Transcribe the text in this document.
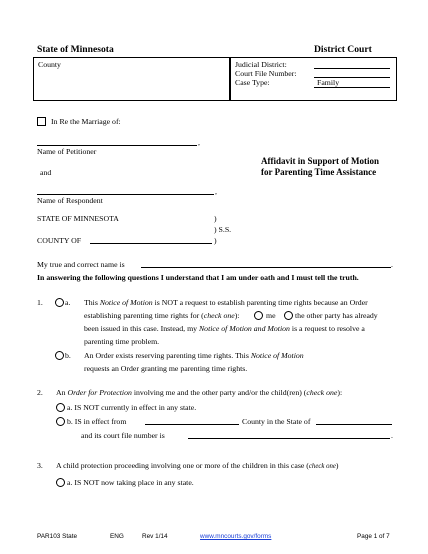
State of Minnesota	District Court
County	Judicial District:
Court File Number:
Case Type:	Family
In Re the Marriage of:
,
Name of Petitioner
and
,
Name of Respondent
Affidavit in Support of Motion
for Parenting Time Assistance
STATE OF MINNESOTA	)
) S.S.
COUNTY OF	)
My true and correct name is	.
In answering the following questions I understand that I am under oath and I must tell the truth.
1.	a. This Notice of Motion is NOT a request to establish parenting time rights because an Order
establishing parenting time rights for (check one):	me the other party has already
been issued in this case. Instead, my Notice of Motion and Motion is a request to resolve a
parenting time problem.
b. An Order exists reserving parenting time rights. This Notice of Motion
requests an Order granting me parenting time rights.
2. An Order for Protection involving me and the other party and/or the child(ren) (check one):
a. IS NOT currently in effect in any state.
b. IS in effect from	County in the State of
and its court file number is	.
3. A child protection proceeding involving one or more of the children in this case (check one)
a. IS NOT now taking place in any state.
PAR103 State	ENG	Rev 1/14	www.mncourts.gov/forms	Page 1 of 7
